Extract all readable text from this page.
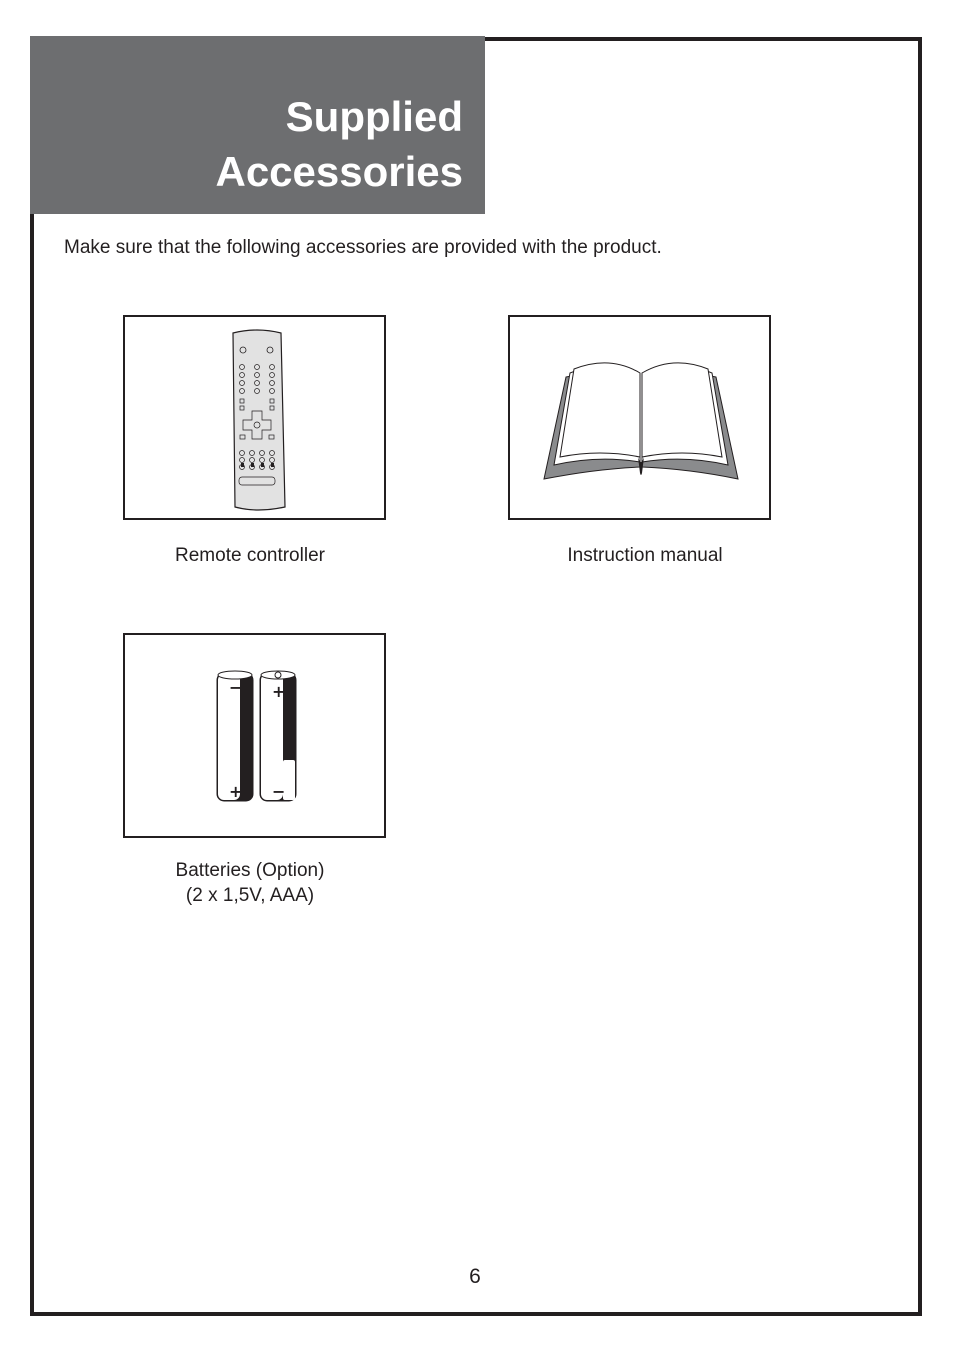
Supplied
Accessories
Make sure that the following accessories are provided with the product.
Remote controller	Instruction manual
−
+
+
−
Batteries (Option)
(2 x 1,5V, AAA)
6
